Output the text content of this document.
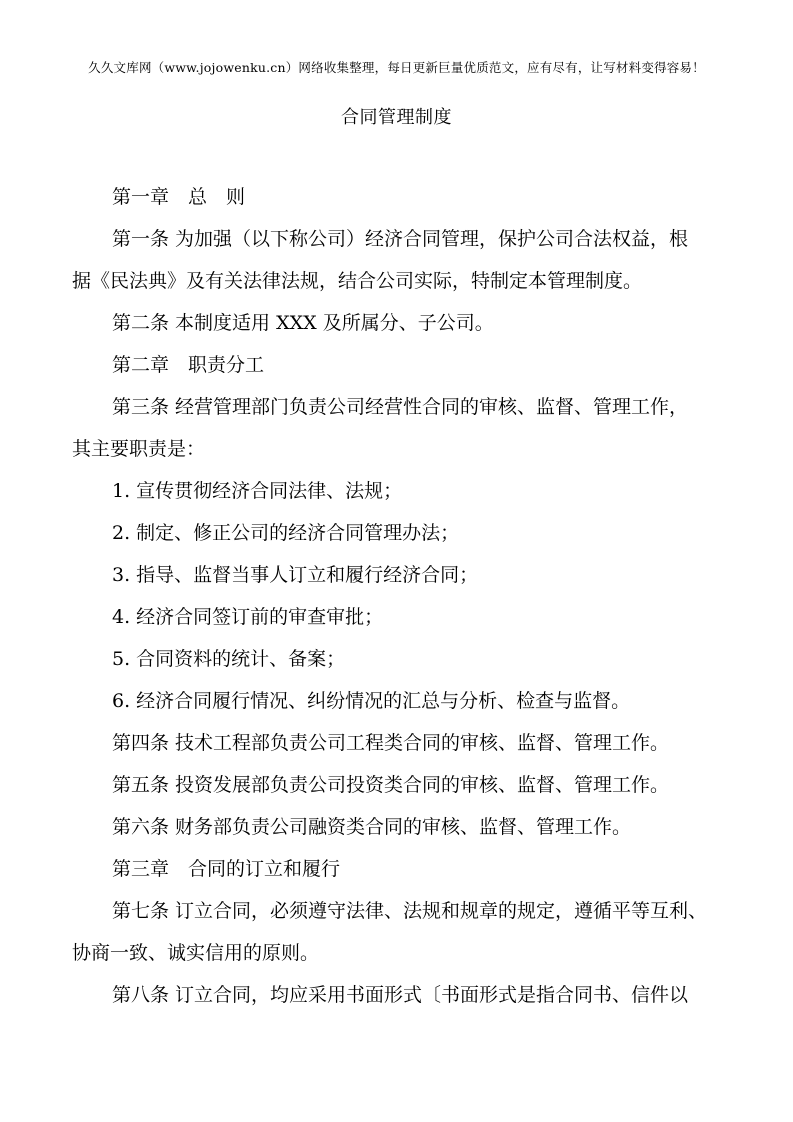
久久文库网（www.jojowenku.cn）网络收集整理，每日更新巨量优质范文，应有尽有，让写材料变得容易！
合同管理制度
第一章　总　则
第一条 为加强（以下称公司）经济合同管理，保护公司合法权益，根
据《民法典》及有关法律法规，结合公司实际，特制定本管理制度。
第二条 本制度适用 XXX 及所属分、子公司。
第二章　职责分工
第三条 经营管理部门负责公司经营性合同的审核、监督、管理工作，
其主要职责是：
1. 宣传贯彻经济合同法律、法规；
2. 制定、修正公司的经济合同管理办法；
3. 指导、监督当事人订立和履行经济合同；
4. 经济合同签订前的审查审批；
5. 合同资料的统计、备案；
6. 经济合同履行情况、纠纷情况的汇总与分析、检查与监督。
第四条 技术工程部负责公司工程类合同的审核、监督、管理工作。
第五条 投资发展部负责公司投资类合同的审核、监督、管理工作。
第六条 财务部负责公司融资类合同的审核、监督、管理工作。
第三章　合同的订立和履行
第七条 订立合同，必须遵守法律、法规和规章的规定，遵循平等互利、
协商一致、诚实信用的原则。
第八条 订立合同，均应采用书面形式〔书面形式是指合同书、信件以
